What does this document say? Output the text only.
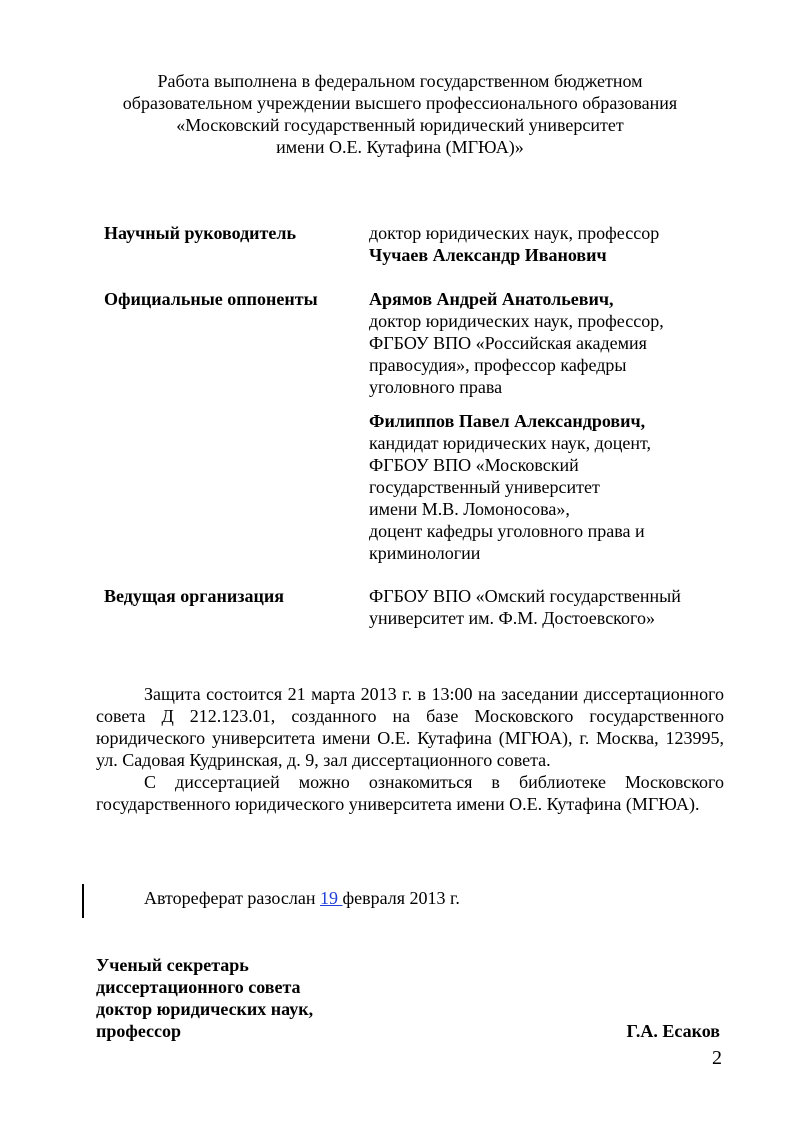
Работа выполнена в федеральном государственном бюджетном
образовательном учреждении высшего профессионального образования
«Московский государственный юридический университет
имени О.Е. Кутафина (МГЮА)»
Научный руководитель	доктор юридических наук, профессор
Чучаев Александр Иванович
Официальные оппоненты	Арямов Андрей Анатольевич,
доктор юридических наук, профессор,
ФГБОУ ВПО «Российская академия
правосудия», профессор кафедры
уголовного права
Филиппов Павел Александрович,
кандидат юридических наук, доцент,
ФГБОУ ВПО «Московский
государственный университет
имени М.В. Ломоносова»,
доцент кафедры уголовного права и
криминологии
Ведущая организация	ФГБОУ ВПО «Омский государственный
университет им. Ф.М. Достоевского»

Защита состоится 21 марта 2013 г. в 13:00 на заседании диссертационного совета Д 212.123.01, созданного на базе Московского государственного юридического университета имени О.Е. Кутафина (МГЮА), г. Москва, 123995, ул. Садовая Кудринская, д. 9, зал диссертационного совета.

С диссертацией можно ознакомиться в библиотеке Московского государственного юридического университета имени О.Е. Кутафина (МГЮА).

Автореферат разослан 19 февраля 2013 г.
Ученый секретарь
диссертационного совета
доктор юридических наук,
профессор	Г.А. Есаков
2
